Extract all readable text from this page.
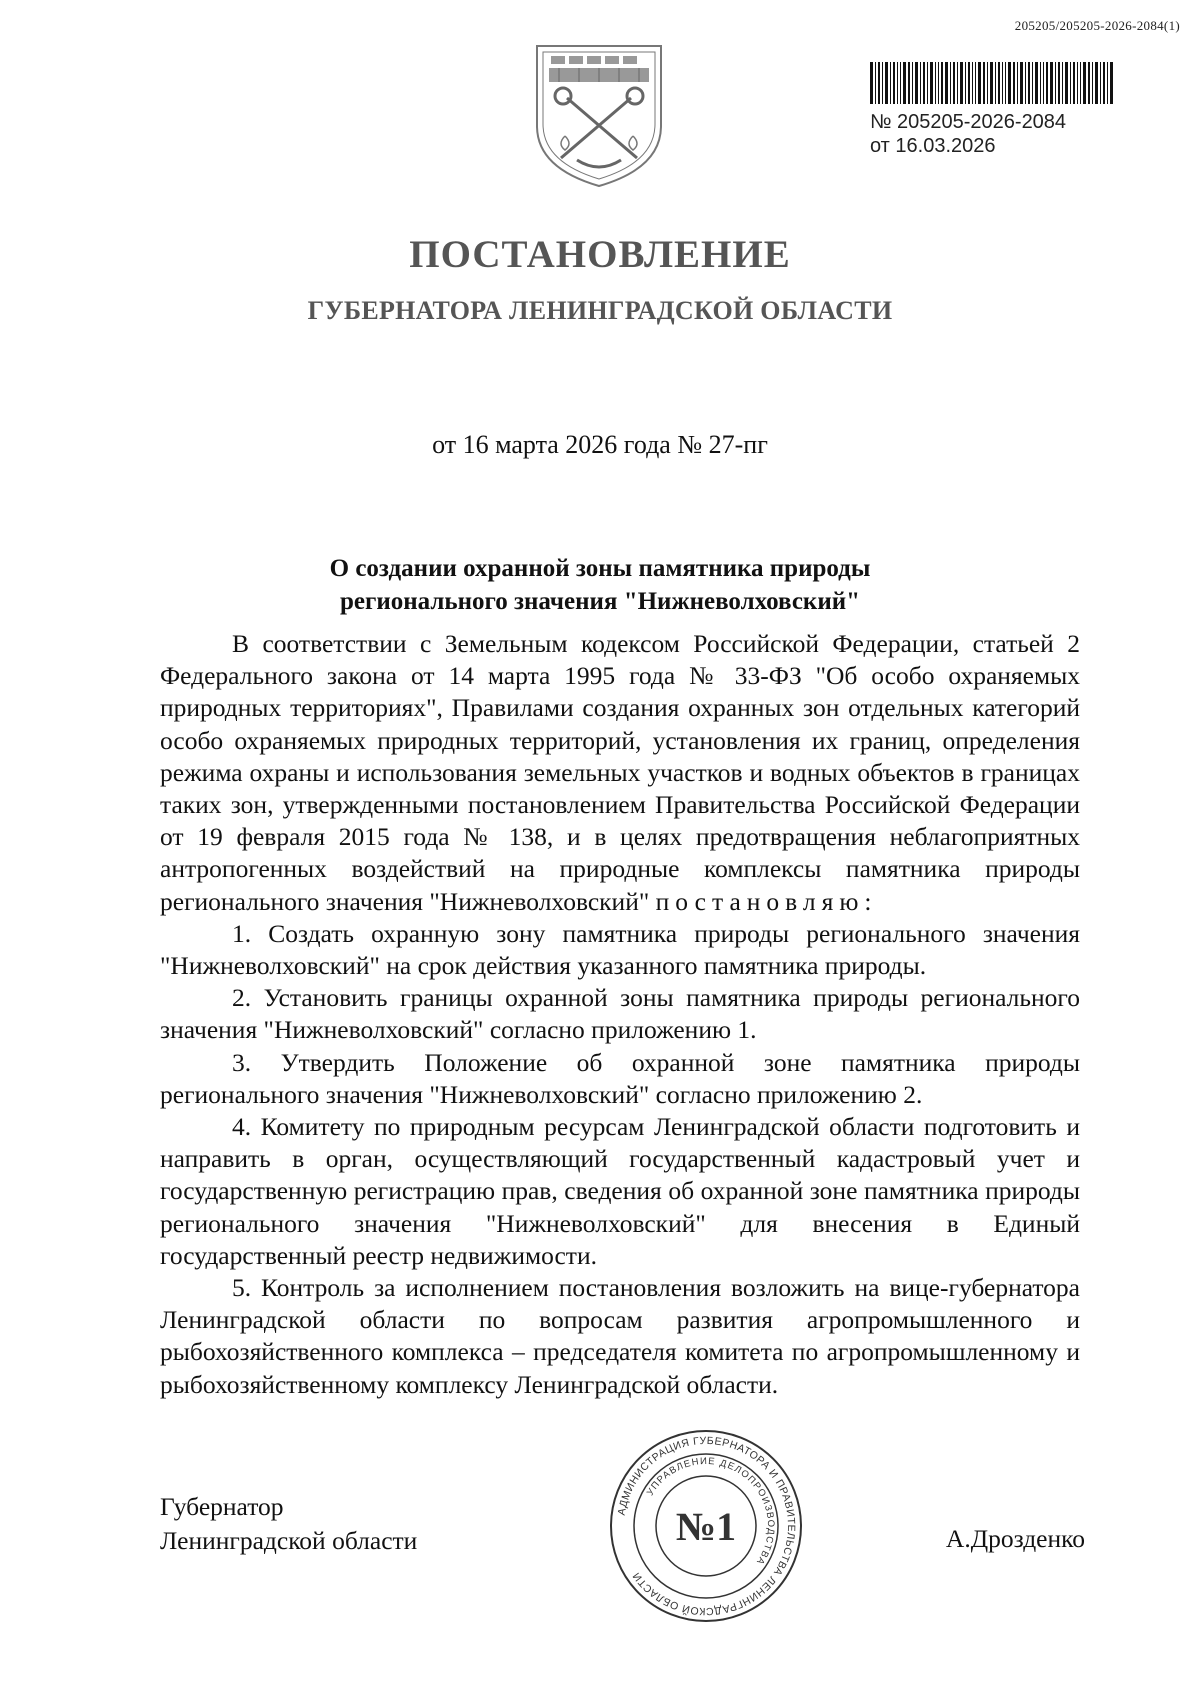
205205/205205-2026-2084(1)
№ 205205-2026-2084
от 16.03.2026
ПОСТАНОВЛЕНИЕ
ГУБЕРНАТОРА ЛЕНИНГРАДСКОЙ ОБЛАСТИ
от 16 марта 2026 года № 27-пг
О создании охранной зоны памятника природы
регионального значения "Нижневолховский"

В соответствии с Земельным кодексом Российской Федерации, статьей 2 Федерального закона от 14 марта 1995 года № 33-ФЗ "Об особо охраняемых природных территориях", Правилами создания охранных зон отдельных категорий особо охраняемых природных территорий, установления их границ, определения режима охраны и использования земельных участков и водных объектов в границах таких зон, утвержденными постановлением Правительства Российской Федерации от 19 февраля 2015 года № 138, и в целях предотвращения неблагоприятных антропогенных воздействий на природные комплексы памятника природы регионального значения "Нижневолховский" постановляю:

1. Создать охранную зону памятника природы регионального значения "Нижневолховский" на срок действия указанного памятника природы.

2. Установить границы охранной зоны памятника природы регионального значения "Нижневолховский" согласно приложению 1.

3. Утвердить Положение об охранной зоне памятника природы регионального значения "Нижневолховский" согласно приложению 2.

4. Комитету по природным ресурсам Ленинградской области подготовить и направить в орган, осуществляющий государственный кадастровый учет и государственную регистрацию прав, сведения об охранной зоне памятника природы регионального значения "Нижневолховский" для внесения в Единый государственный реестр недвижимости.

5. Контроль за исполнением постановления возложить на вице-губернатора Ленинградской области по вопросам развития агропромышленного и рыбохозяйственного комплекса – председателя комитета по агропромышленному и рыбохозяйственному комплексу Ленинградской области.

Губернатор
Ленинградской области
АДМИНИСТРАЦИЯ ГУБЕРНАТОРА И ПРАВИТЕЛЬСТВА ЛЕНИНГРАДСКОЙ ОБЛАСТИ
УПРАВЛЕНИЕ ДЕЛОПРОИЗВОДСТВА
№1	А.Дрозденко
